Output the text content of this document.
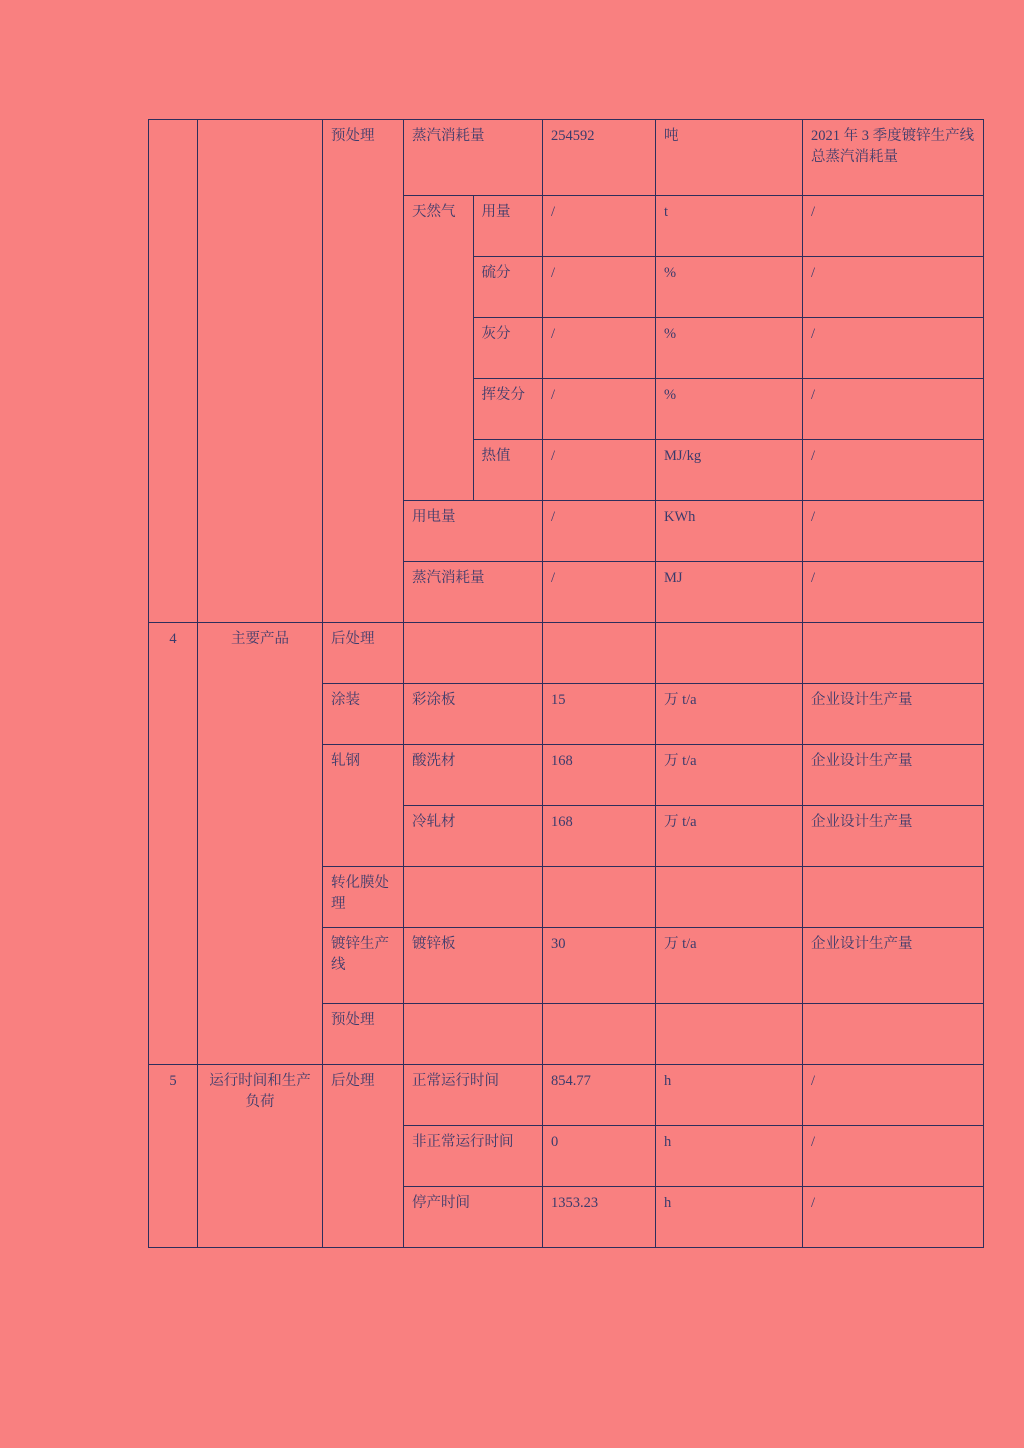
		预处理	蒸汽消耗量		254592	吨	2021 年 3 季度镀锌生产线总蒸汽消耗量
			天然气	用量	/	t	/
				硫分	/	%	/
				灰分	/	%	/
				挥发分	/	%	/
				热值	/	MJ/kg	/
			用电量		/	KWh	/
			蒸汽消耗量		/	MJ	/
4	主要产品	后处理					
		涂装	彩涂板		15	万 t/a	企业设计生产量
		轧钢	酸洗材		168	万 t/a	企业设计生产量
			冷轧材		168	万 t/a	企业设计生产量
		转化膜处理					
		镀锌生产线	镀锌板		30	万 t/a	企业设计生产量
		预处理					
5	运行时间和生产负荷	后处理	正常运行时间		854.77	h	/
			非正常运行时间		0	h	/
			停产时间		1353.23	h	/
